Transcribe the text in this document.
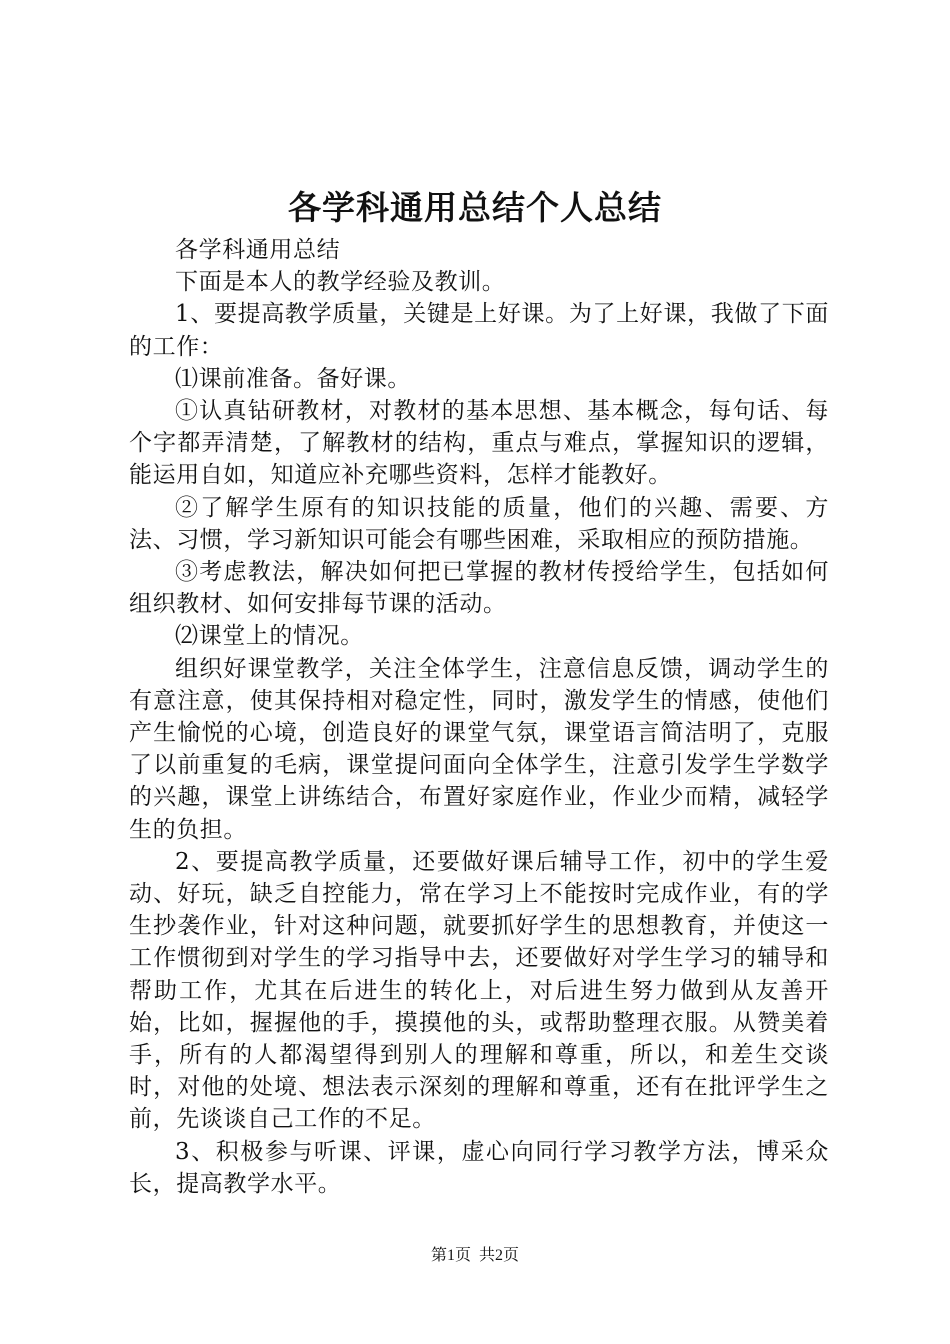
各学科通用总结个人总结

各学科通用总结

下面是本人的教学经验及教训。

1、要提高教学质量，关键是上好课。为了上好课，我做了下面的工作：

⑴课前准备。备好课。

①认真钻研教材，对教材的基本思想、基本概念，每句话、每个字都弄清楚，了解教材的结构，重点与难点，掌握知识的逻辑，能运用自如，知道应补充哪些资料，怎样才能教好。

②了解学生原有的知识技能的质量，他们的兴趣、需要、方法、习惯，学习新知识可能会有哪些困难，采取相应的预防措施。

③考虑教法，解决如何把已掌握的教材传授给学生，包括如何组织教材、如何安排每节课的活动。

⑵课堂上的情况。

组织好课堂教学，关注全体学生，注意信息反馈，调动学生的有意注意，使其保持相对稳定性，同时，激发学生的情感，使他们产生愉悦的心境，创造良好的课堂气氛，课堂语言简洁明了，克服了以前重复的毛病，课堂提问面向全体学生，注意引发学生学数学的兴趣，课堂上讲练结合，布置好家庭作业，作业少而精，减轻学生的负担。

2、要提高教学质量，还要做好课后辅导工作，初中的学生爱动、好玩，缺乏自控能力，常在学习上不能按时完成作业，有的学生抄袭作业，针对这种问题，就要抓好学生的思想教育，并使这一工作惯彻到对学生的学习指导中去，还要做好对学生学习的辅导和帮助工作，尤其在后进生的转化上，对后进生努力做到从友善开始，比如，握握他的手，摸摸他的头，或帮助整理衣服。从赞美着手，所有的人都渴望得到别人的理解和尊重，所以，和差生交谈时，对他的处境、想法表示深刻的理解和尊重，还有在批评学生之前，先谈谈自己工作的不足。

3、积极参与听课、评课，虚心向同行学习教学方法，博采众长，提高教学水平。

第1页 共2页
